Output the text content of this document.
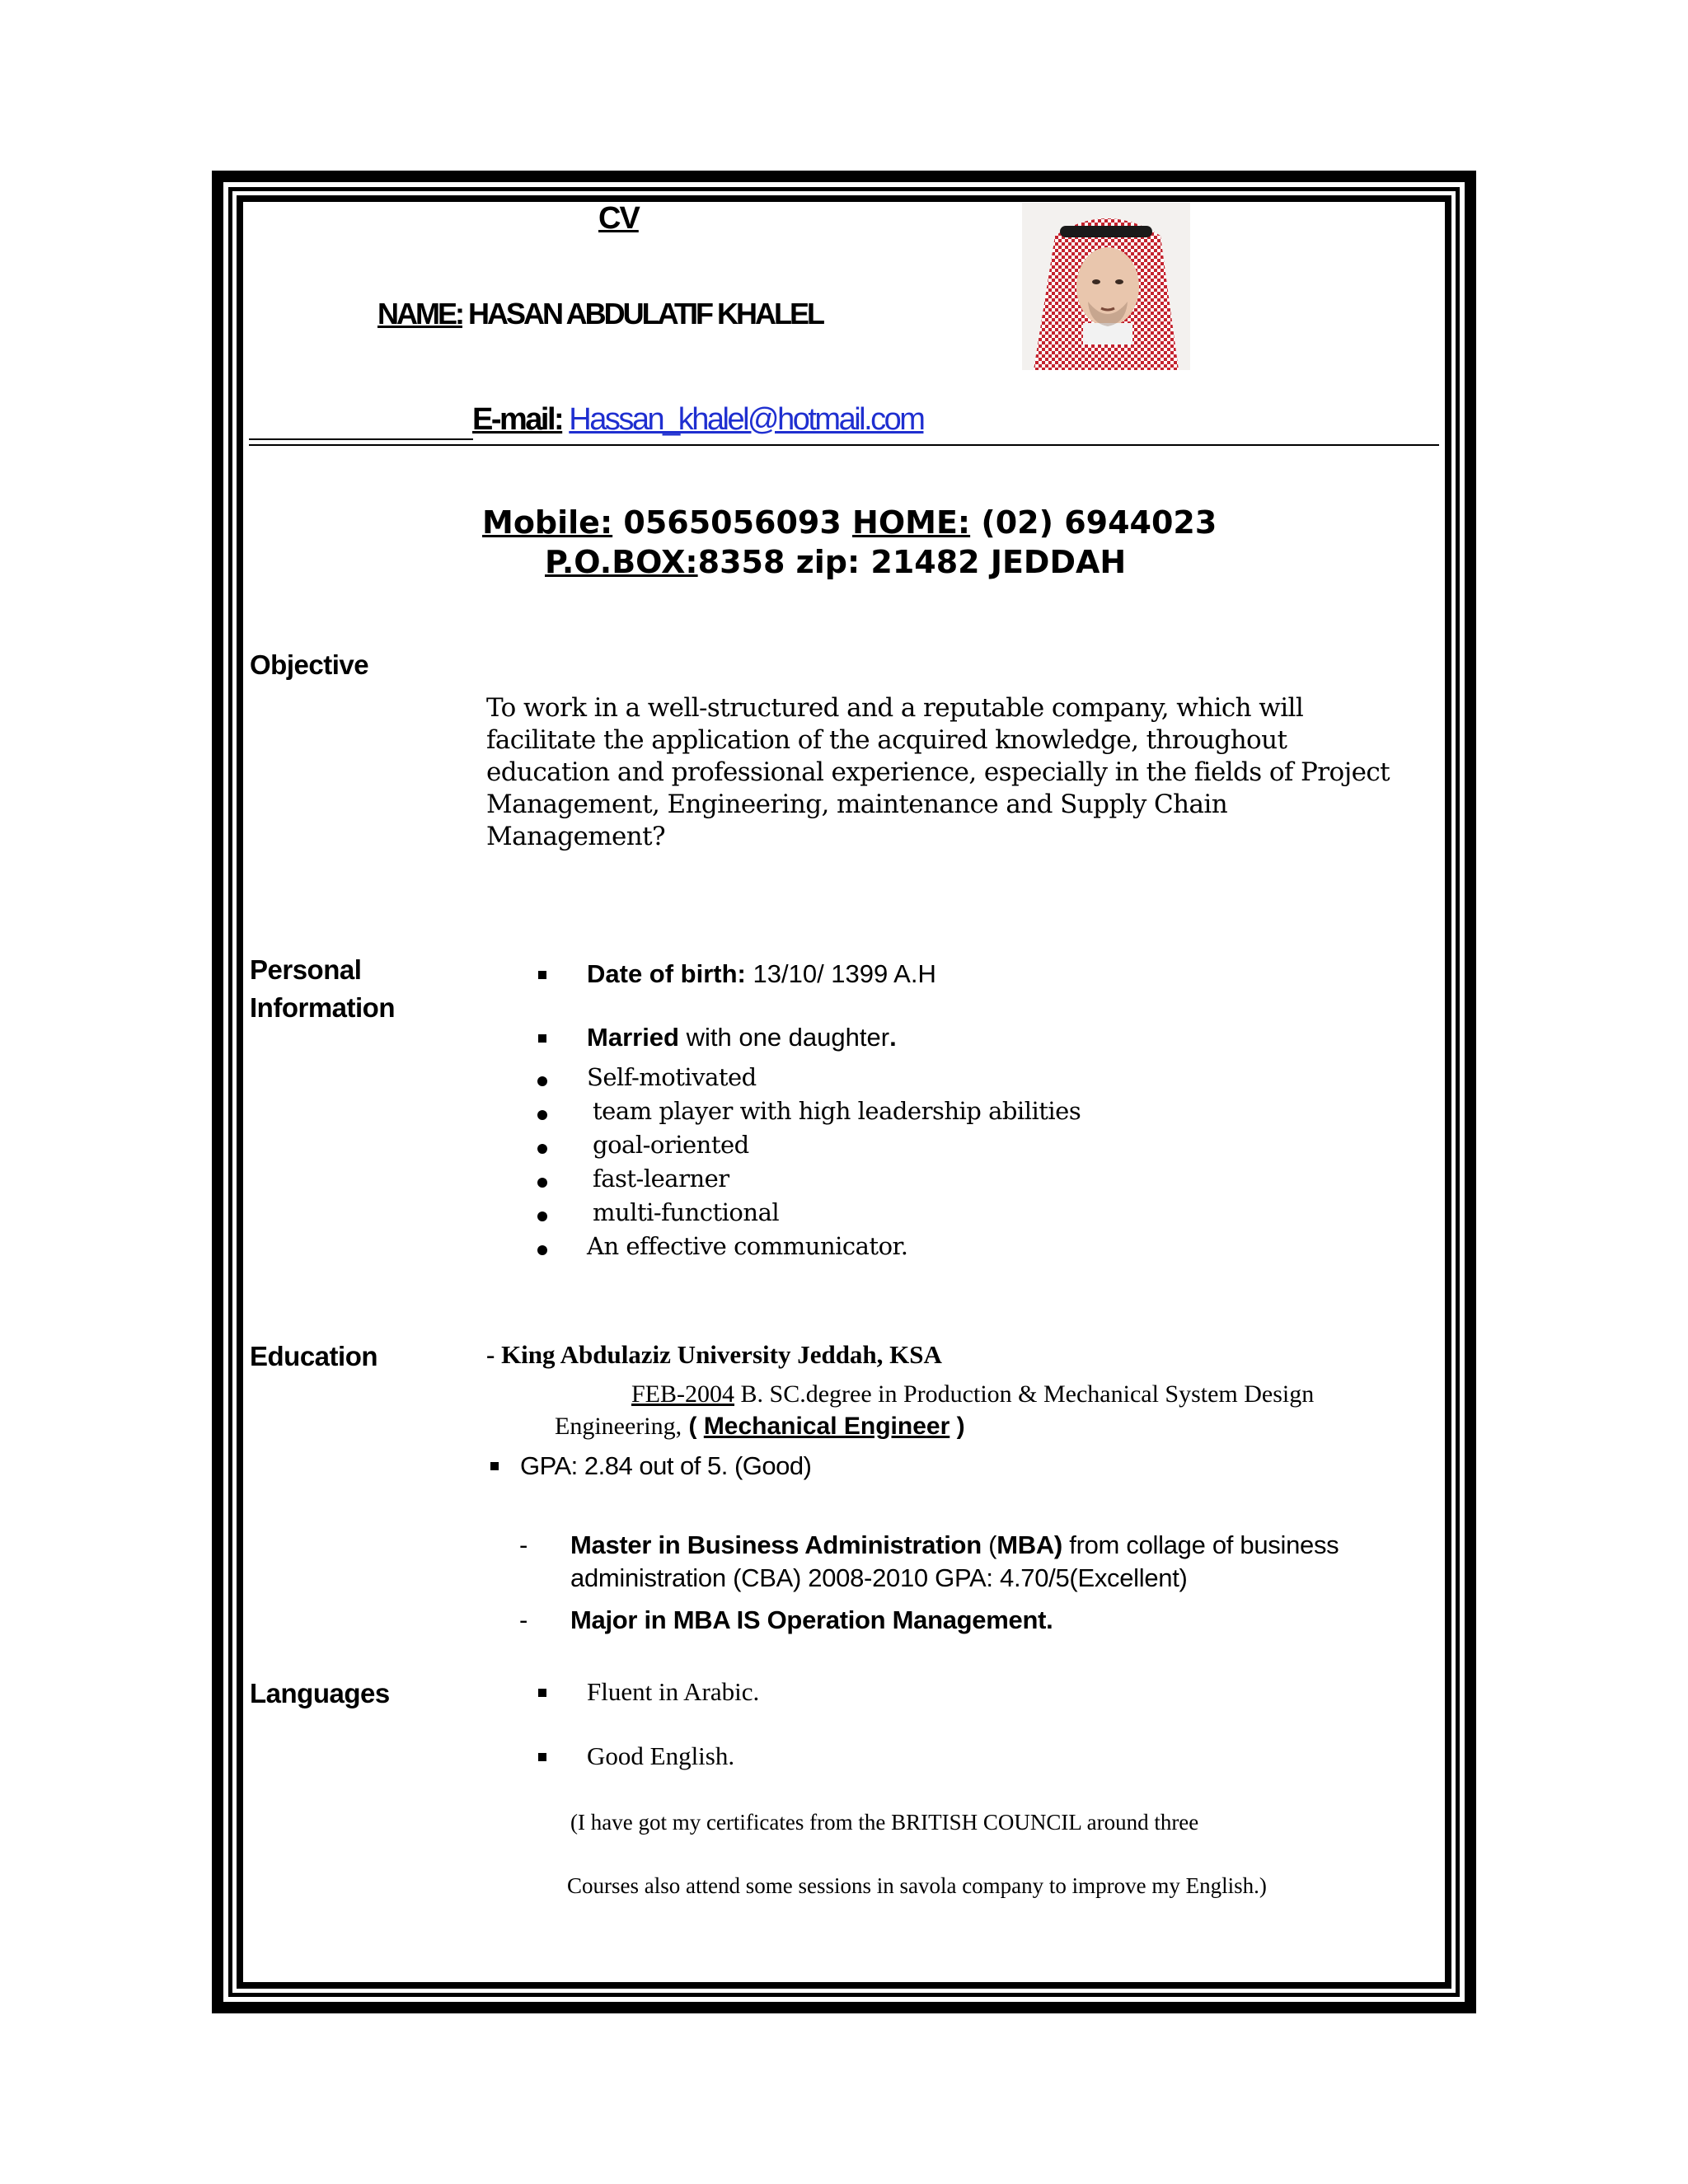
CV
NAME: HASAN ABDULATIF KHALEL
E-mail: Hassan_khalel@hotmail.com
Mobile: 0565056093 HOME: (02) 6944023
P.O.BOX:8358 zip: 21482 JEDDAH
Objective
To work in a well-structured and a reputable company, which will facilitate the application of the acquired knowledge, throughout education and professional experience, especially in the fields of Project Management, Engineering, maintenance and Supply Chain Management?
Personal
Information
Date of birth: 13/10/ 1399 A.H
Married with one daughter.
Self-motivated
team player with high leadership abilities
goal-oriented
fast-learner
multi-functional
An effective communicator.
Education	- King Abdulaziz University Jeddah, KSA
FEB-2004 B. SC.degree in Production & Mechanical System Design
Engineering, ( Mechanical Engineer )
GPA: 2.84 out of 5. (Good)
- Master in Business Administration (MBA) from collage of business
administration (CBA) 2008-2010 GPA: 4.70/5(Excellent)
- Major in MBA IS Operation Management.
Languages	Fluent in Arabic.
Good English.
(I have got my certificates from the BRITISH COUNCIL around three
Courses also attend some sessions in savola company to improve my English.)
